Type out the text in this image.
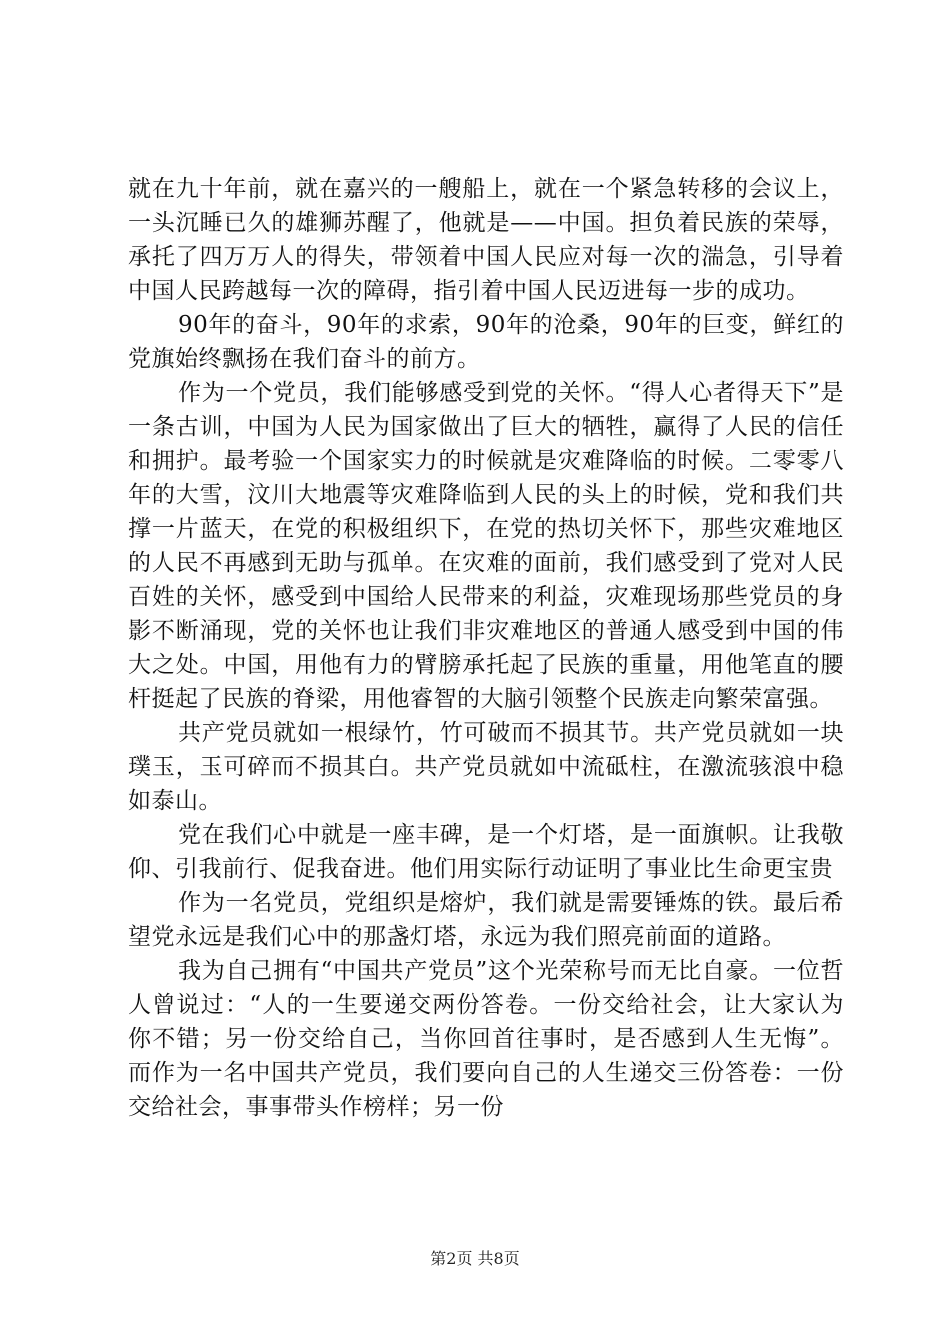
就在九十年前，就在嘉兴的一艘船上，就在一个紧急转移的会议上，一头沉睡已久的雄狮苏醒了，他就是——中国。担负着民族的荣辱，承托了四万万人的得失，带领着中国人民应对每一次的湍急，引导着中国人民跨越每一次的障碍，指引着中国人民迈进每一步的成功。

90年的奋斗，90年的求索，90年的沧桑，90年的巨变，鲜红的党旗始终飘扬在我们奋斗的前方。

作为一个党员，我们能够感受到党的关怀。“得人心者得天下”是一条古训，中国为人民为国家做出了巨大的牺牲，赢得了人民的信任和拥护。最考验一个国家实力的时候就是灾难降临的时候。二零零八年的大雪，汶川大地震等灾难降临到人民的头上的时候，党和我们共撑一片蓝天，在党的积极组织下，在党的热切关怀下，那些灾难地区的人民不再感到无助与孤单。在灾难的面前，我们感受到了党对人民百姓的关怀，感受到中国给人民带来的利益，灾难现场那些党员的身影不断涌现，党的关怀也让我们非灾难地区的普通人感受到中国的伟大之处。中国，用他有力的臂膀承托起了民族的重量，用他笔直的腰杆挺起了民族的脊梁，用他睿智的大脑引领整个民族走向繁荣富强。

共产党员就如一根绿竹，竹可破而不损其节。共产党员就如一块璞玉，玉可碎而不损其白。共产党员就如中流砥柱，在激流骇浪中稳如泰山。

党在我们心中就是一座丰碑，是一个灯塔，是一面旗帜。让我敬仰、引我前行、促我奋进。他们用实际行动证明了事业比生命更宝贵

作为一名党员，党组织是熔炉，我们就是需要锤炼的铁。最后希望党永远是我们心中的那盏灯塔，永远为我们照亮前面的道路。

我为自己拥有“中国共产党员”这个光荣称号而无比自豪。一位哲人曾说过：“人的一生要递交两份答卷。一份交给社会，让大家认为你不错；另一份交给自己，当你回首往事时，是否感到人生无悔”。而作为一名中国共产党员，我们要向自己的人生递交三份答卷：一份交给社会，事事带头作榜样；另一份

第2页 共8页
